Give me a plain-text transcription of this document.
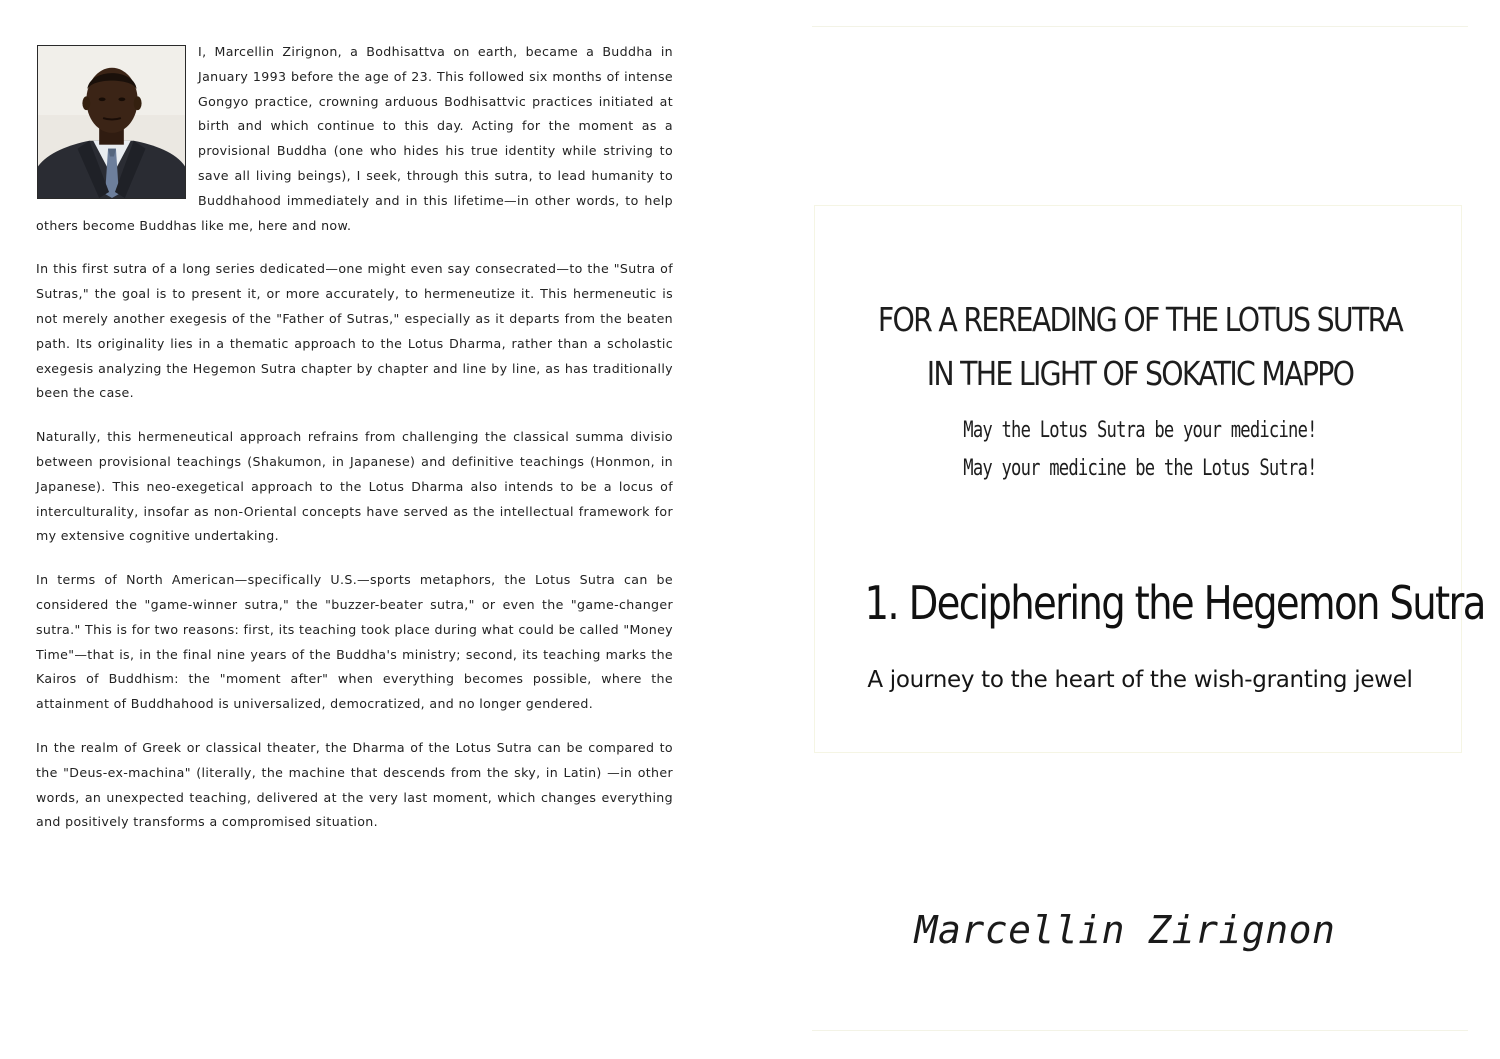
I, Marcellin Zirignon, a Bodhisattva on earth, became a Buddha in January 1993 before the age of 23. This followed six months of intense Gongyo practice, crowning arduous Bodhisattvic practices initiated at birth and which continue to this day. Acting for the moment as a provisional Buddha (one who hides his true identity while striving to save all living beings), I seek, through this sutra, to lead humanity to Buddhahood immediately and in this lifetime—in other words, to help others become Buddhas like me, here and now.

In this first sutra of a long series dedicated—one might even say consecrated—to the "Sutra of Sutras," the goal is to present it, or more accurately, to hermeneutize it. This hermeneutic is not merely another exegesis of the "Father of Sutras," especially as it departs from the beaten path. Its originality lies in a thematic approach to the Lotus Dharma, rather than a scholastic exegesis analyzing the Hegemon Sutra chapter by chapter and line by line, as has traditionally been the case.

Naturally, this hermeneutical approach refrains from challenging the classical summa divisio between provisional teachings (Shakumon, in Japanese) and definitive teachings (Honmon, in Japanese). This neo-exegetical approach to the Lotus Dharma also intends to be a locus of interculturality, insofar as non-Oriental concepts have served as the intellectual framework for my extensive cognitive undertaking.

In terms of North American—specifically U.S.—sports metaphors, the Lotus Sutra can be considered the "game-winner sutra," the "buzzer-beater sutra," or even the "game-changer sutra." This is for two reasons: first, its teaching took place during what could be called "Money Time"—that is, in the final nine years of the Buddha's ministry; second, its teaching marks the Kairos of Buddhism: the "moment after" when everything becomes possible, where the attainment of Buddhahood is universalized, democratized, and no longer gendered.

In the realm of Greek or classical theater, the Dharma of the Lotus Sutra can be compared to the "Deus-ex-machina" (literally, the machine that descends from the sky, in Latin) —in other words, an unexpected teaching, delivered at the very last moment, which changes everything and positively transforms a compromised situation.

FOR A REREADING OF THE LOTUS SUTRA
IN THE LIGHT OF SOKATIC MAPPO
May the Lotus Sutra be your medicine!
May your medicine be the Lotus Sutra!
1. Deciphering the Hegemon Sutra
A journey to the heart of the wish-granting jewel
Marcellin Zirignon
